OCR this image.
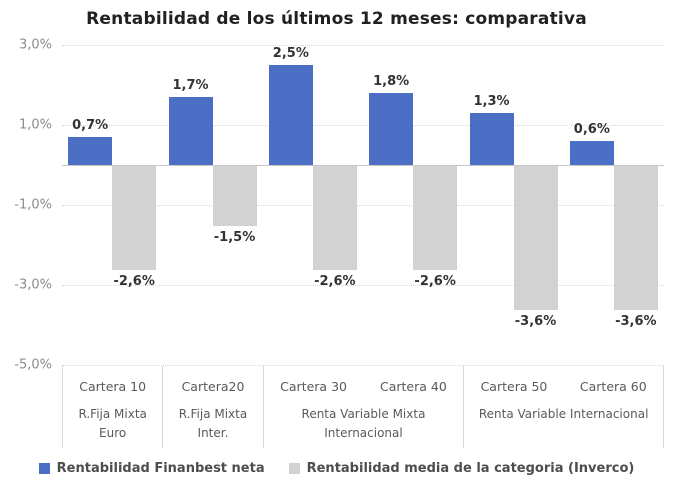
Rentabilidad de los últimos 12 meses: comparativa
3,0%
1,0%
-1,0%
-3,0%
-5,0%
0,7%
-2,6%
1,7%
-1,5%
2,5%
-2,6%
1,8%
-2,6%
1,3%
-3,6%
0,6%
-3,6%
Cartera 10
R.Fija Mixta Euro
Cartera20
R.Fija Mixta Inter.
Cartera 30	Cartera 40
Renta Variable Mixta Internacional
Cartera 50	Cartera 60
Renta Variable Internacional
Rentabilidad Finanbest neta	Rentabilidad media de la categoria (Inverco)
